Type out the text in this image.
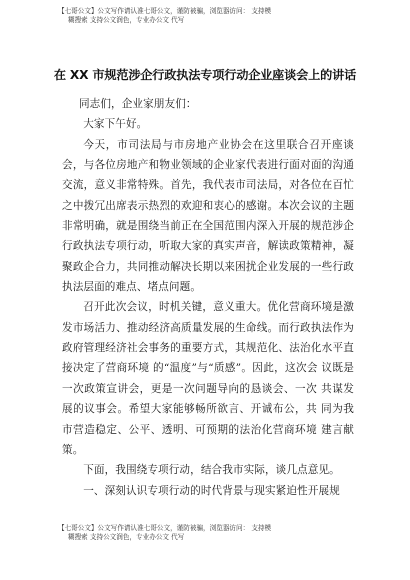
【七哥公文】公文写作请认准七哥公文，谨防被骗，浏览器访问： 支持模
糊搜索 支持公文润色，专业办公文 代写
在 XX 市规范涉企行政执法专项行动企业座谈会上的讲话

同志们，企业家朋友们：

大家下午好。

今天，市司法局与市房地产业协会在这里联合召开座谈会，与各位房地产和物业领域的企业家代表进行面对面的沟通交流，意义非常特殊。首先，我代表市司法局，对各位在百忙之中拨冗出席表示热烈的欢迎和衷心的感谢。本次会议的主题非常明确，就是围绕当前正在全国范围内深入开展的规范涉企行政执法专项行动，听取大家的真实声音，解读政策精神，凝聚政企合力，共同推动解决长期以来困扰企业发展的一些行政执法层面的难点、堵点问题。

召开此次会议，时机关键，意义重大。优化营商环境是激发市场活力、推动经济高质量发展的生命线。而行政执法作为政府管理经济社会事务的重要方式，其规范化、法治化水平直接决定了营商环境 的“温度”与“质感”。因此，这次会 议既是一次政策宣讲会，更是一次问题导向的恳谈会、一次 共谋发展的议事会。希望大家能够畅所欲言、开诚布公，共 同为我市营造稳定、公平、透明、可预期的法治化营商环境 建言献策。

下面，我围绕专项行动，结合我市实际，谈几点意见。

一、深刻认识专项行动的时代背景与现实紧迫性开展规

【七哥公文】公文写作请认准七哥公文，谨防被骗，浏览器访问： 支持模
糊搜索 支持公文润色，专业办公文 代写
